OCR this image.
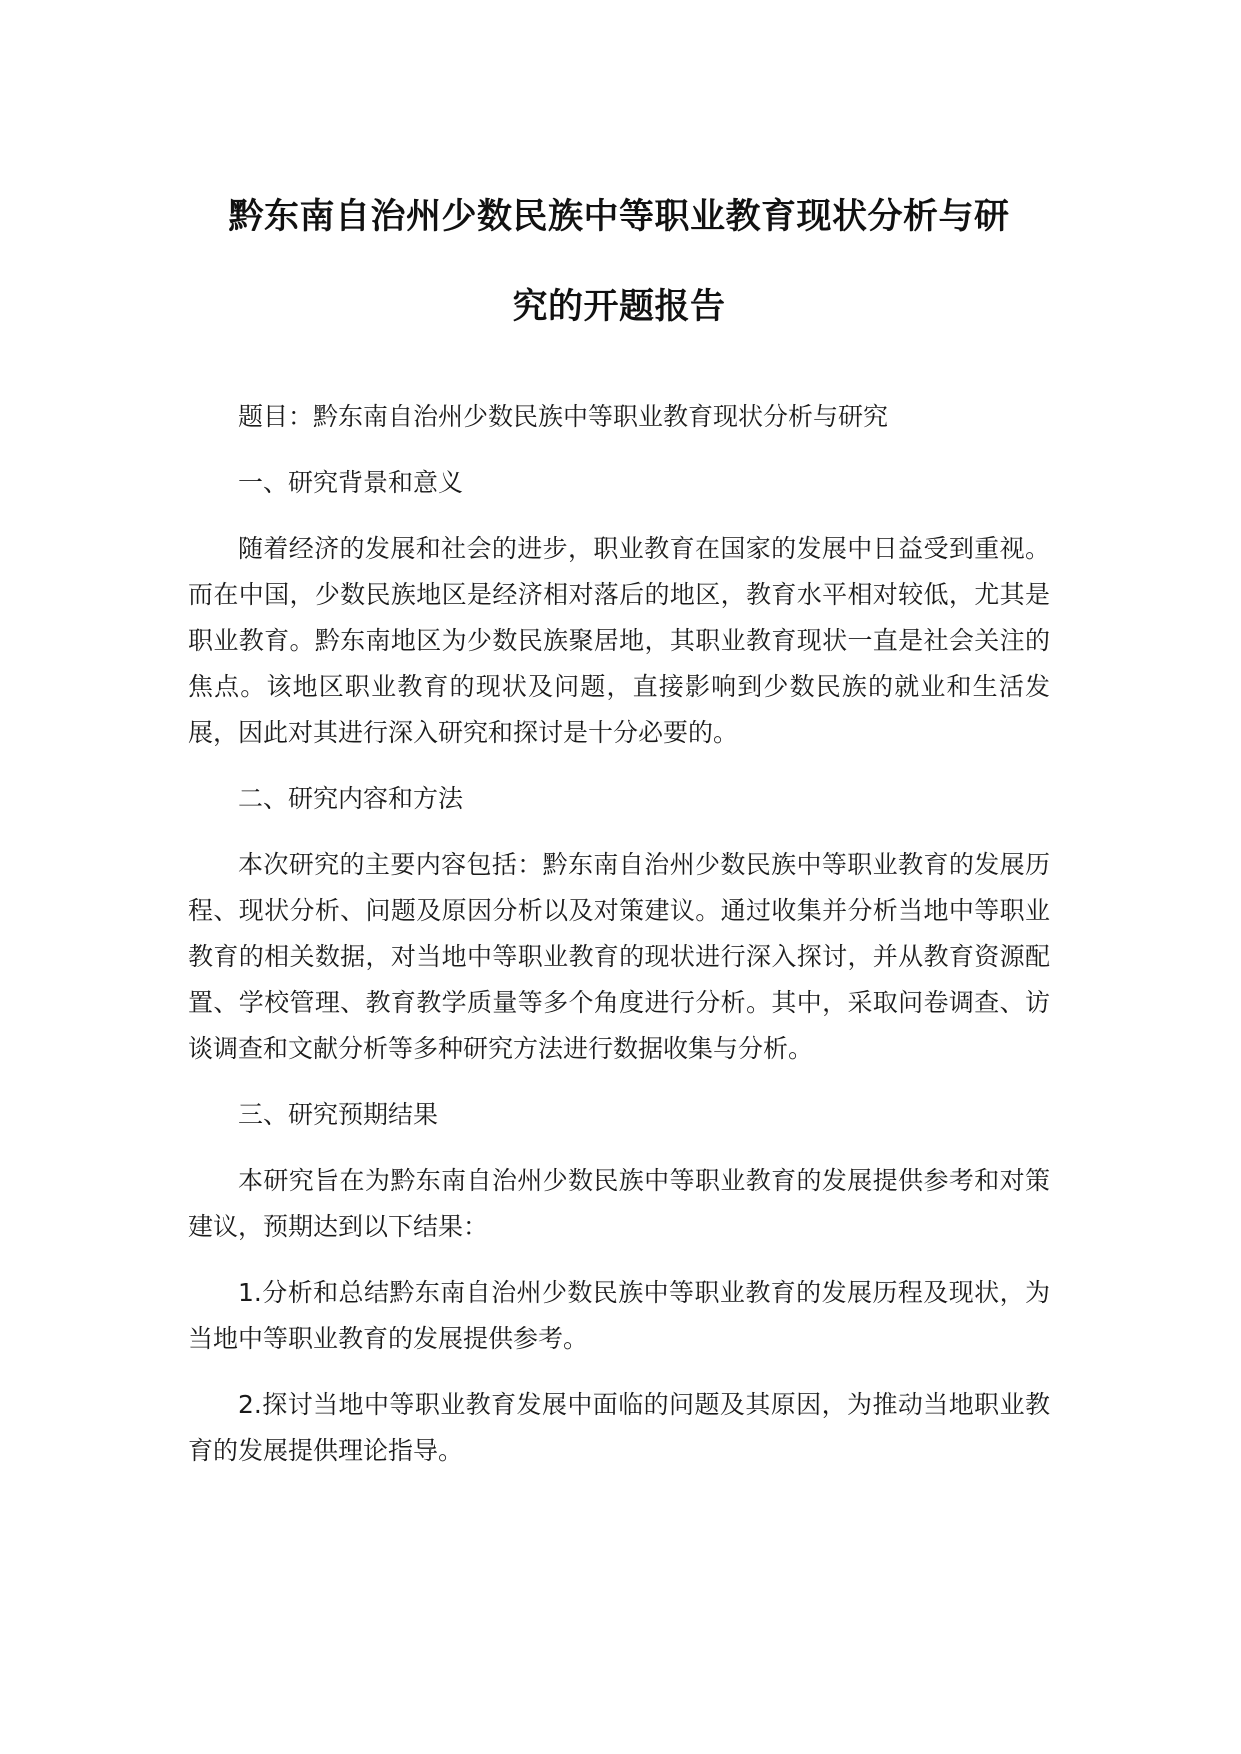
黔东南自治州少数民族中等职业教育现状分析与研
究的开题报告

题目：黔东南自治州少数民族中等职业教育现状分析与研究

一、研究背景和意义

随着经济的发展和社会的进步，职业教育在国家的发展中日益受到重视。而在中国，少数民族地区是经济相对落后的地区，教育水平相对较低，尤其是职业教育。黔东南地区为少数民族聚居地，其职业教育现状一直是社会关注的焦点。该地区职业教育的现状及问题，直接影响到少数民族的就业和生活发展，因此对其进行深入研究和探讨是十分必要的。

二、研究内容和方法

本次研究的主要内容包括：黔东南自治州少数民族中等职业教育的发展历程、现状分析、问题及原因分析以及对策建议。通过收集并分析当地中等职业教育的相关数据，对当地中等职业教育的现状进行深入探讨，并从教育资源配置、学校管理、教育教学质量等多个角度进行分析。其中，采取问卷调查、访谈调查和文献分析等多种研究方法进行数据收集与分析。

三、研究预期结果

本研究旨在为黔东南自治州少数民族中等职业教育的发展提供参考和对策建议，预期达到以下结果：

1.分析和总结黔东南自治州少数民族中等职业教育的发展历程及现状，为当地中等职业教育的发展提供参考。

2.探讨当地中等职业教育发展中面临的问题及其原因，为推动当地职业教育的发展提供理论指导。
